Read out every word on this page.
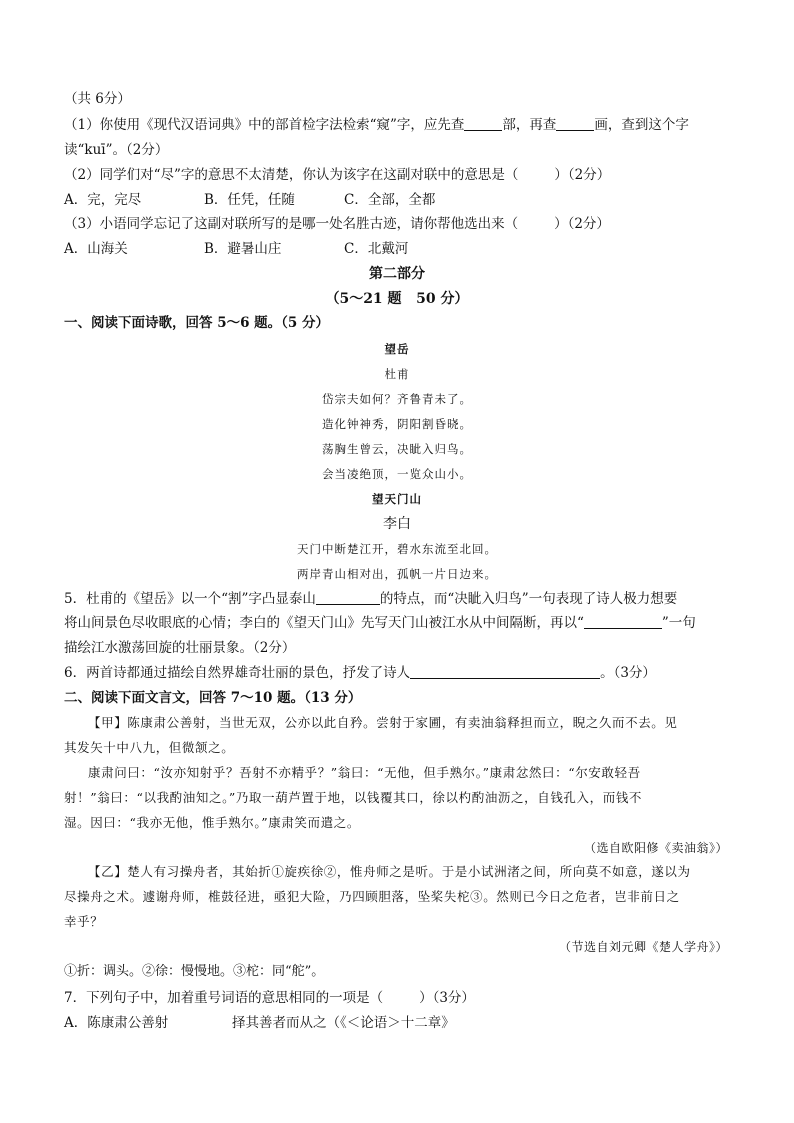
（共 6分）
（1）你使用《现代汉语词典》中的部首检字法检索“窥”字，应先查	部，再查	画，查到这个字
读“kuī”。（2分）
（2）同学们对“尽”字的意思不太清楚，你认为该字在这副对联中的意思是（	）（2分）
A．完，完尽	B．任凭，任随	C．全部，全都
（3）小语同学忘记了这副对联所写的是哪一处名胜古迹，请你帮他选出来（	）（2分）
A．山海关	B．避暑山庄	C．北戴河
第二部分
（5～21 题   50 分）
一、阅读下面诗歌，回答 5～6 题。（5 分）
望岳
杜甫
岱宗夫如何？齐鲁青未了。
造化钟神秀，阴阳割昏晓。
荡胸生曾云，决眦入归鸟。
会当凌绝顶，一览众山小。
望天门山
李白
天门中断楚江开，碧水东流至北回。
两岸青山相对出，孤帆一片日边来。
5．杜甫的《望岳》以一个“割”字凸显泰山	的特点，而“决眦入归鸟”一句表现了诗人极力想要
将山间景色尽收眼底的心情；李白的《望天门山》先写天门山被江水从中间隔断，再以“	”一句
描绘江水激荡回旋的壮丽景象。（2分）
6．两首诗都通过描绘自然界雄奇壮丽的景色，抒发了诗人	。（3分）
二、阅读下面文言文，回答 7～10 题。（13 分）
【甲】陈康肃公善射，当世无双，公亦以此自矜。尝射于家圃，有卖油翁释担而立，睨之久而不去。见
其发矢十中八九，但微颔之。
康肃问曰：“汝亦知射乎？吾射不亦精乎？”翁曰：“无他，但手熟尔。”康肃忿然曰：“尔安敢轻吾
射！”翁曰：“以我酌油知之。”乃取一葫芦置于地，以钱覆其口，徐以杓酌油沥之，自钱孔入，而钱不
湿。因曰：“我亦无他，惟手熟尔。”康肃笑而遣之。
（选自欧阳修《卖油翁》）
【乙】楚人有习操舟者，其始折①旋疾徐②，惟舟师之是听。于是小试洲渚之间，所向莫不如意，遂以为
尽操舟之术。遽谢舟师，椎鼓径进，亟犯大险，乃四顾胆落，坠桨失柁③。然则已今日之危者，岂非前日之
幸乎？
（节选自刘元卿《楚人学舟》）
①折：调头。②徐：慢慢地。③柁：同“舵”。
7．下列句子中，加着重号词语的意思相同的一项是（	）（3分）
A．陈康肃公善射	择其善者而从之（《＜论语＞十二章》
